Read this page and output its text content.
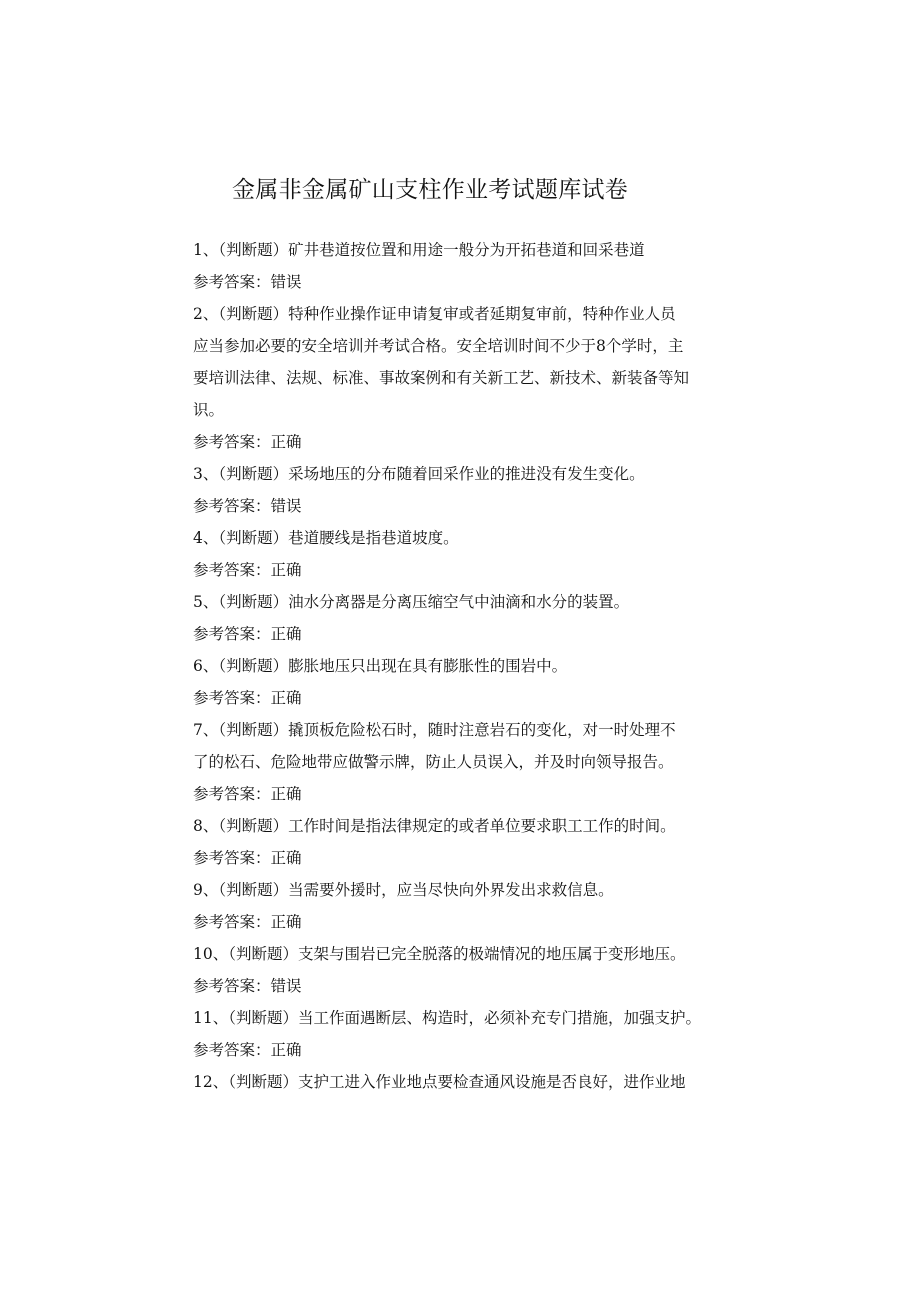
金属非金属矿山支柱作业考试题库试卷
1、（判断题）矿井巷道按位置和用途一般分为开拓巷道和回采巷道
参考答案：错误
2、（判断题）特种作业操作证申请复审或者延期复审前，特种作业人员
应当参加必要的安全培训并考试合格。安全培训时间不少于8个学时，主
要培训法律、法规、标准、事故案例和有关新工艺、新技术、新装备等知
识。
参考答案：正确
3、（判断题）采场地压的分布随着回采作业的推进没有发生变化。
参考答案：错误
4、（判断题）巷道腰线是指巷道坡度。
参考答案：正确
5、（判断题）油水分离器是分离压缩空气中油滴和水分的装置。
参考答案：正确
6、（判断题）膨胀地压只出现在具有膨胀性的围岩中。
参考答案：正确
7、（判断题）撬顶板危险松石时，随时注意岩石的变化，对一时处理不
了的松石、危险地带应做警示牌，防止人员误入，并及时向领导报告。
参考答案：正确
8、（判断题）工作时间是指法律规定的或者单位要求职工工作的时间。
参考答案：正确
9、（判断题）当需要外援时，应当尽快向外界发出求救信息。
参考答案：正确
10、（判断题）支架与围岩已完全脱落的极端情况的地压属于变形地压。
参考答案：错误
11、（判断题）当工作面遇断层、构造时，必须补充专门措施，加强支护。
参考答案：正确
12、（判断题）支护工进入作业地点要检查通风设施是否良好，进作业地
